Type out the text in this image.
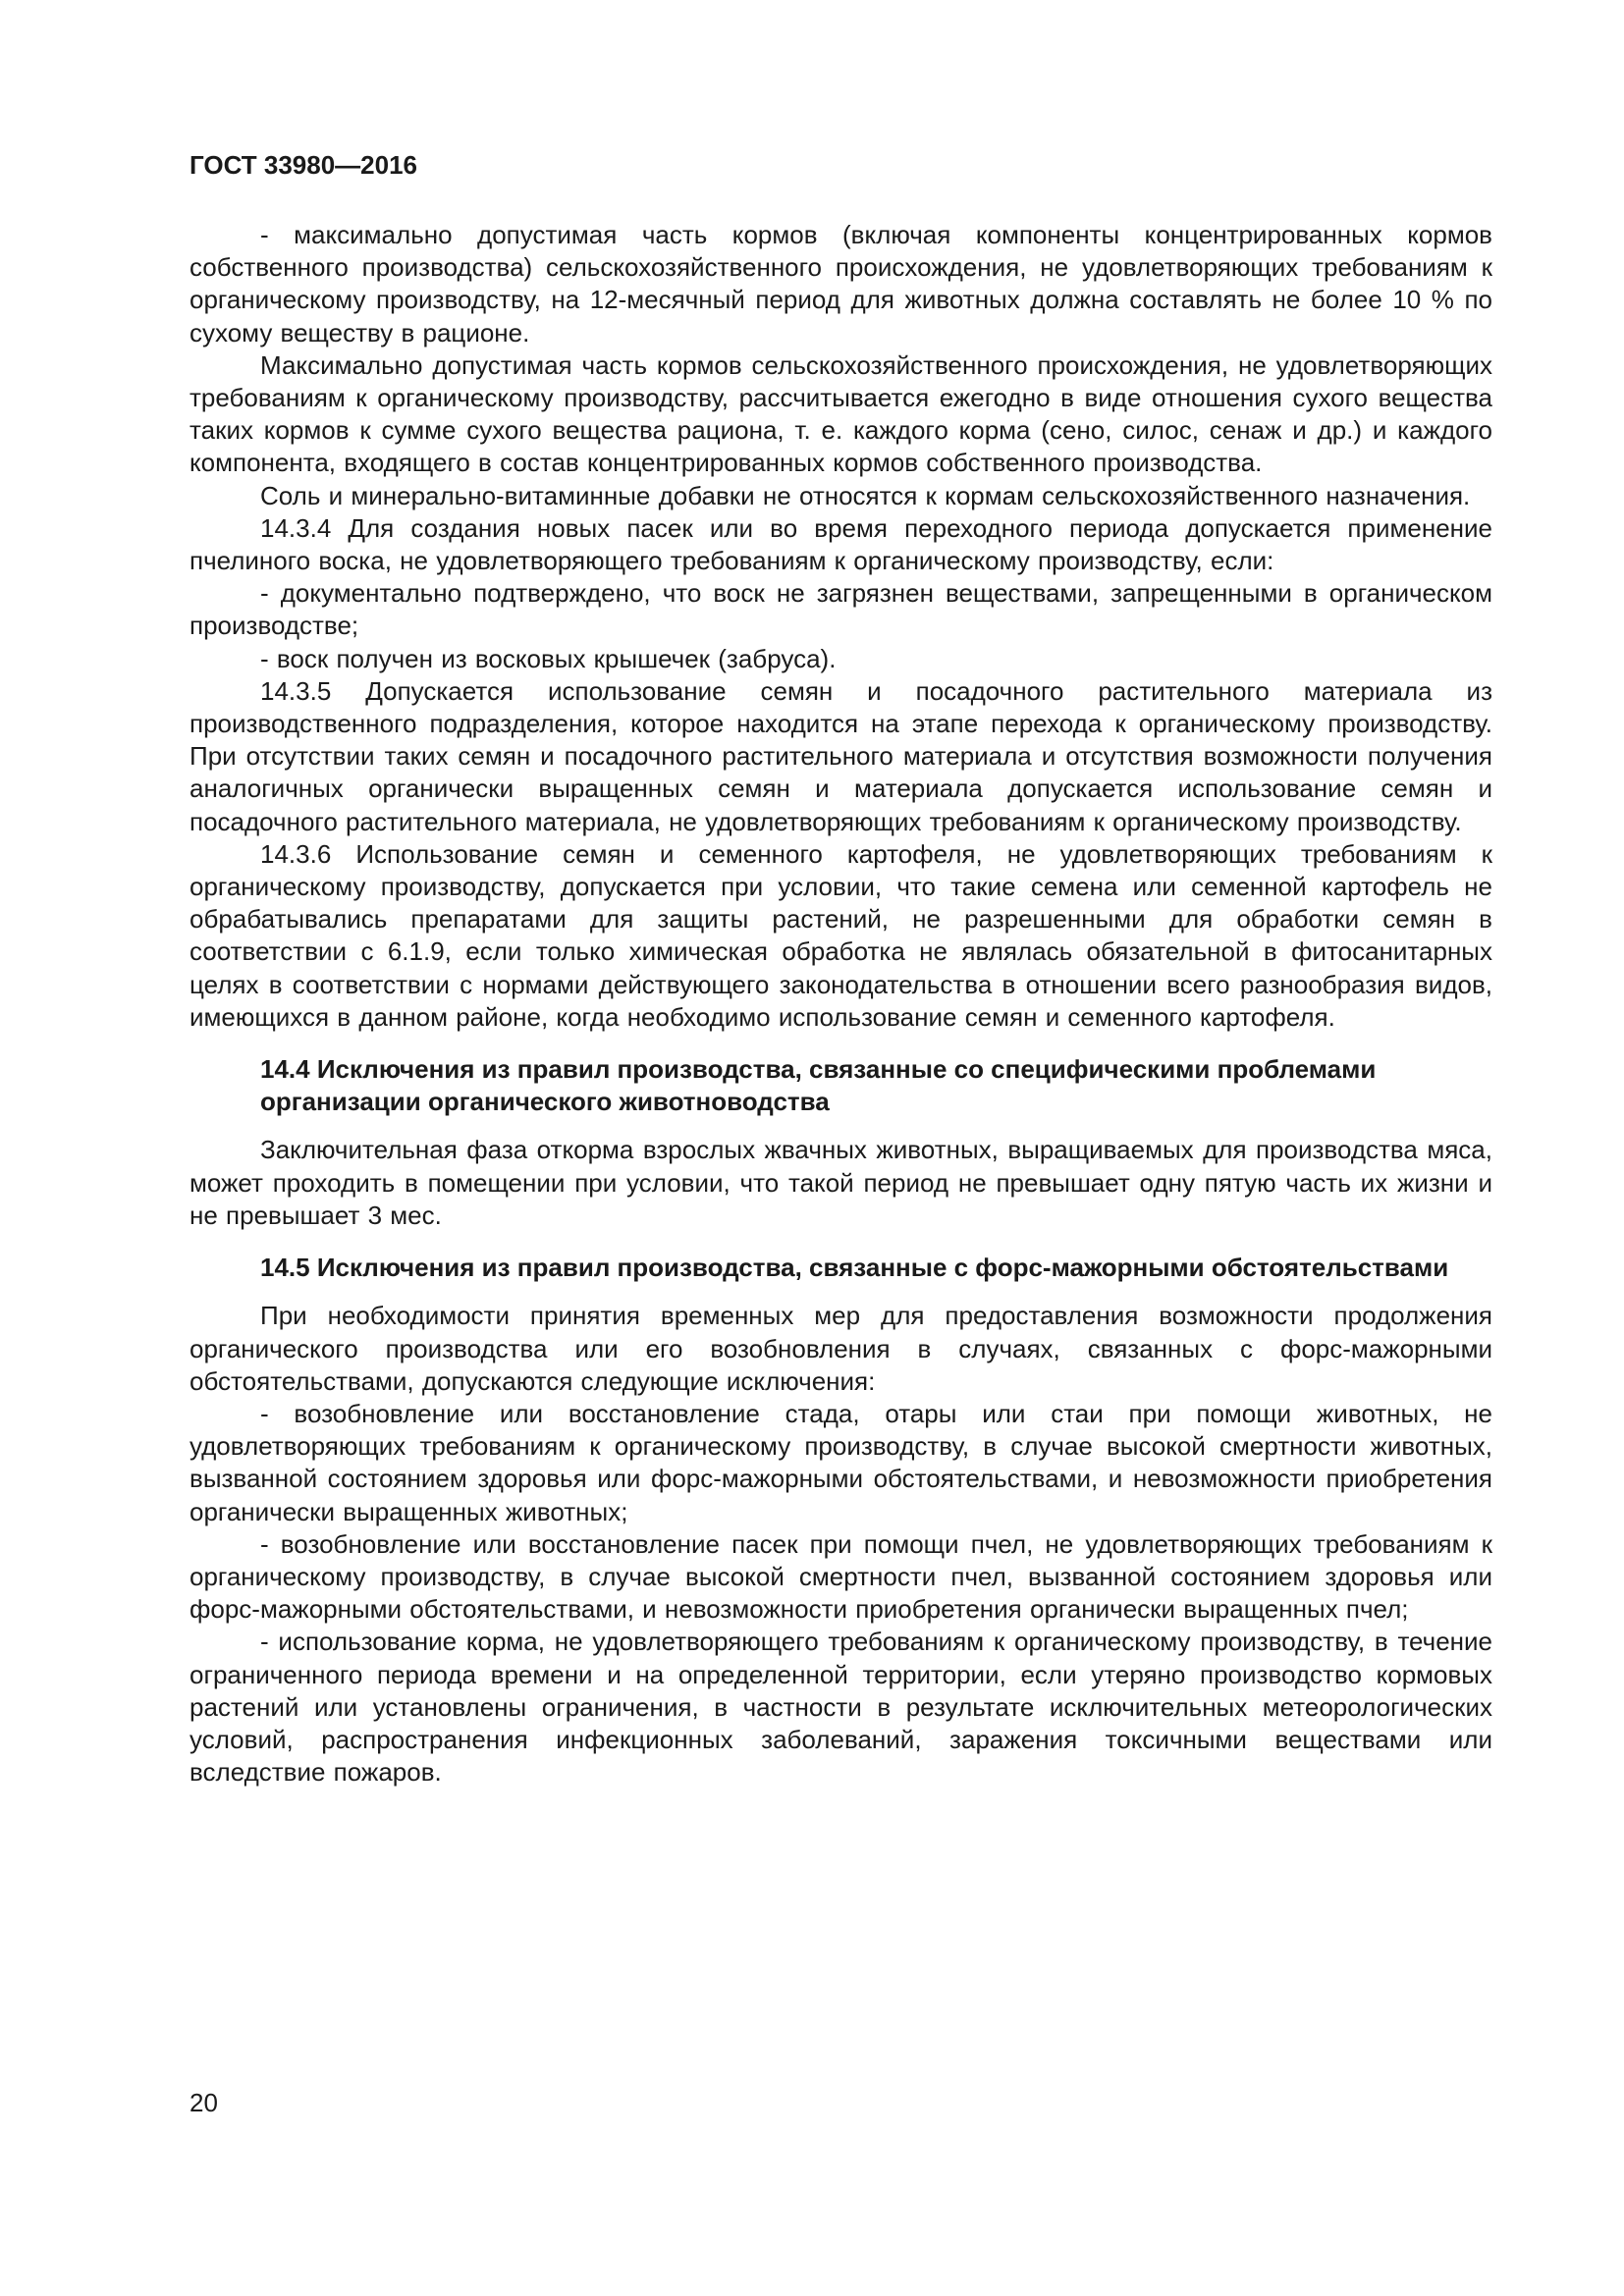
ГОСТ 33980—2016

- максимально допустимая часть кормов (включая компоненты концентрированных кормов собственного производства) сельскохозяйственного происхождения, не удовлетворяющих требованиям к органическому производству, на 12-месячный период для животных должна составлять не более 10 % по сухому веществу в рационе.

Максимально допустимая часть кормов сельскохозяйственного происхождения, не удовлетворяющих требованиям к органическому производству, рассчитывается ежегодно в виде отношения сухого вещества таких кормов к сумме сухого вещества рациона, т. е. каждого корма (сено, силос, сенаж и др.) и каждого компонента, входящего в состав концентрированных кормов собственного производства.

Соль и минерально-витаминные добавки не относятся к кормам сельскохозяйственного назначения.

14.3.4 Для создания новых пасек или во время переходного периода допускается применение пчелиного воска, не удовлетворяющего требованиям к органическому производству, если:

- документально подтверждено, что воск не загрязнен веществами, запрещенными в органическом производстве;

- воск получен из восковых крышечек (забруса).

14.3.5 Допускается использование семян и посадочного растительного материала из производственного подразделения, которое находится на этапе перехода к органическому производству. При отсутствии таких семян и посадочного растительного материала и отсутствия возможности получения аналогичных органически выращенных семян и материала допускается использование семян и посадочного растительного материала, не удовлетворяющих требованиям к органическому производству.

14.3.6 Использование семян и семенного картофеля, не удовлетворяющих требованиям к органическому производству, допускается при условии, что такие семена или семенной картофель не обрабатывались препаратами для защиты растений, не разрешенными для обработки семян в соответствии с 6.1.9, если только химическая обработка не являлась обязательной в фитосанитарных целях в соответствии с нормами действующего законодательства в отношении всего разнообразия видов, имеющихся в данном районе, когда необходимо использование семян и семенного картофеля.

14.4 Исключения из правил производства, связанные со специфическими проблемами организации органического животноводства

Заключительная фаза откорма взрослых жвачных животных, выращиваемых для производства мяса, может проходить в помещении при условии, что такой период не превышает одну пятую часть их жизни и не превышает 3 мес.

14.5 Исключения из правил производства, связанные с форс-мажорными обстоятельствами

При необходимости принятия временных мер для предоставления возможности продолжения органического производства или его возобновления в случаях, связанных с форс-мажорными обстоятельствами, допускаются следующие исключения:

- возобновление или восстановление стада, отары или стаи при помощи животных, не удовлетворяющих требованиям к органическому производству, в случае высокой смертности животных, вызванной состоянием здоровья или форс-мажорными обстоятельствами, и невозможности приобретения органически выращенных животных;

- возобновление или восстановление пасек при помощи пчел, не удовлетворяющих требованиям к органическому производству, в случае высокой смертности пчел, вызванной состоянием здоровья или форс-мажорными обстоятельствами, и невозможности приобретения органически выращенных пчел;

- использование корма, не удовлетворяющего требованиям к органическому производству, в течение ограниченного периода времени и на определенной территории, если утеряно производство кормовых растений или установлены ограничения, в частности в результате исключительных метеорологических условий, распространения инфекционных заболеваний, заражения токсичными веществами или вследствие пожаров.

20
